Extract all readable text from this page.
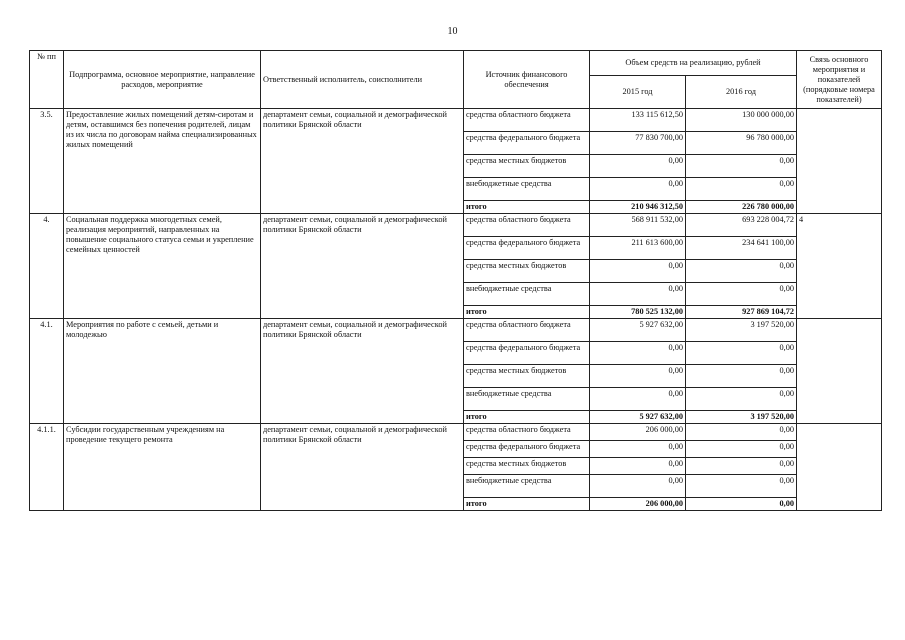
10
№ пп	Подпрограмма, основное мероприятие, направление расходов, мероприятие	Ответственный исполнитель, соисполнители	Источник финансового обеспечения	Объем средств на реализацию, рублей		Связь основного мероприятия и показателей (порядковые номера показателей)
				2015 год	2016 год	
3.5.	Предоставление жилых помещений детям-сиротам и детям, оставшимся без попечения родителей, лицам из их числа по договорам найма специализированных жилых помещений	департамент семьи, социальной и демографической политики Брянской области	средства областного бюджета	133 115 612,50	130 000 000,00	
			средства федерального бюджета	77 830 700,00	96 780 000,00	
			средства местных бюджетов	0,00	0,00	
			внебюджетные средства	0,00	0,00	
			итого	210 946 312,50	226 780 000,00	
4.	Социальная поддержка многодетных семей, реализация мероприятий, направленных на повышение социального статуса семьи и укрепление семейных ценностей	департамент семьи, социальной и демографической политики Брянской области	средства областного бюджета	568 911 532,00	693 228 004,72	4
			средства федерального бюджета	211 613 600,00	234 641 100,00	
			средства местных бюджетов	0,00	0,00	
			внебюджетные средства	0,00	0,00	
			итого	780 525 132,00	927 869 104,72	
4.1.	Мероприятия по работе с семьей, детьми и молодежью	департамент семьи, социальной и демографической политики Брянской области	средства областного бюджета	5 927 632,00	3 197 520,00	
			средства федерального бюджета	0,00	0,00	
			средства местных бюджетов	0,00	0,00	
			внебюджетные средства	0,00	0,00	
			итого	5 927 632,00	3 197 520,00	
4.1.1.	Субсидии государственным учреждениям на проведение текущего ремонта	департамент семьи, социальной и демографической политики Брянской области	средства областного бюджета	206 000,00	0,00	
			средства федерального бюджета	0,00	0,00	
			средства местных бюджетов	0,00	0,00	
			внебюджетные средства	0,00	0,00	
			итого	206 000,00	0,00	
